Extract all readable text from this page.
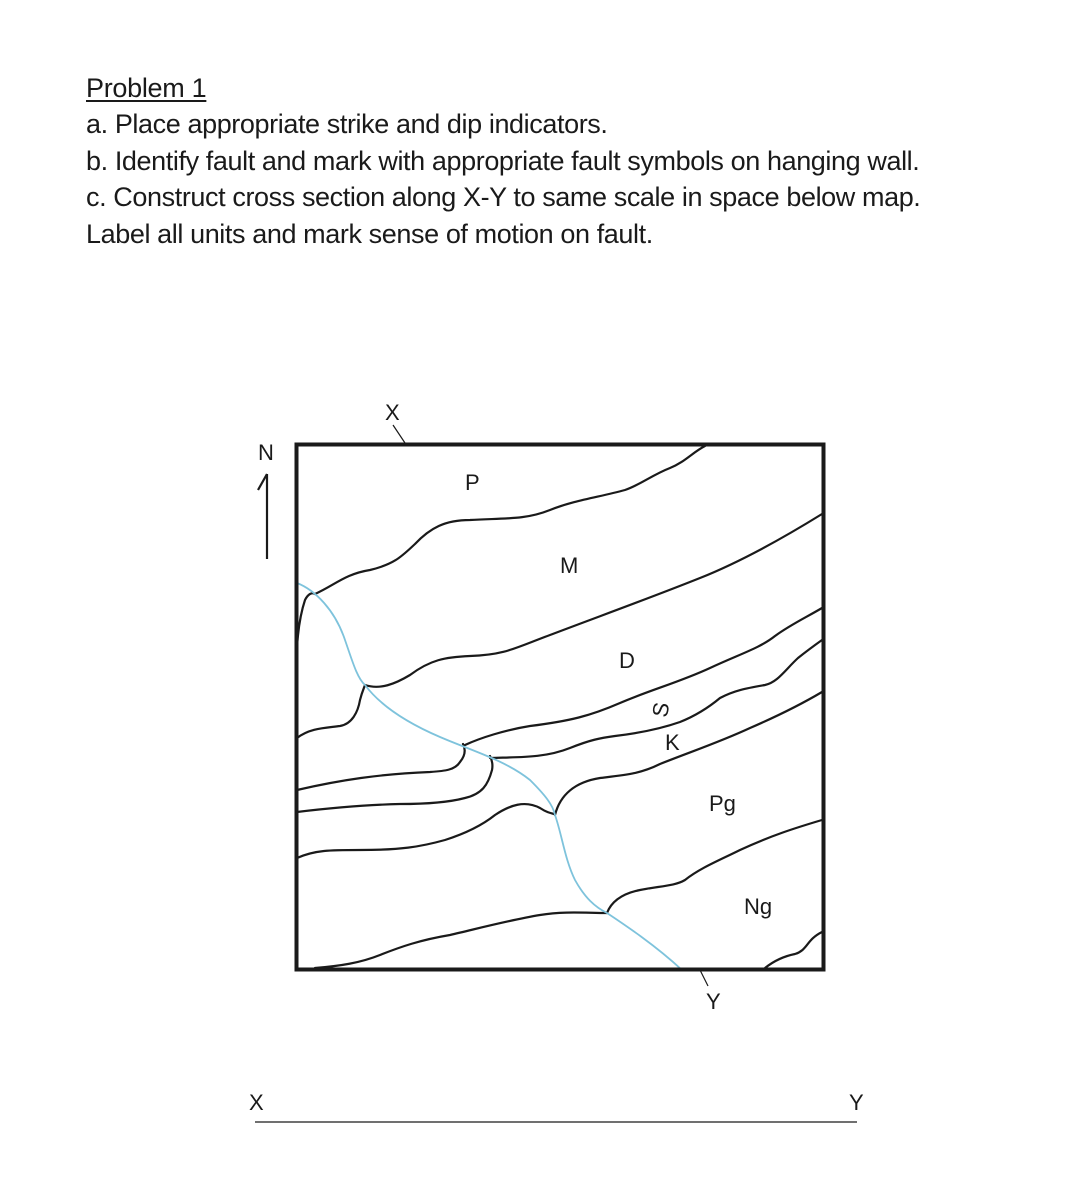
Problem 1
a. Place appropriate strike and dip indicators.
b. Identify fault and mark with appropriate fault symbols on hanging wall.
c. Construct cross section along X-Y to same scale in space below map.
Label all units and mark sense of motion on fault.
N
X
Y
P
M
D
S
K
Pg
Ng
X	Y
